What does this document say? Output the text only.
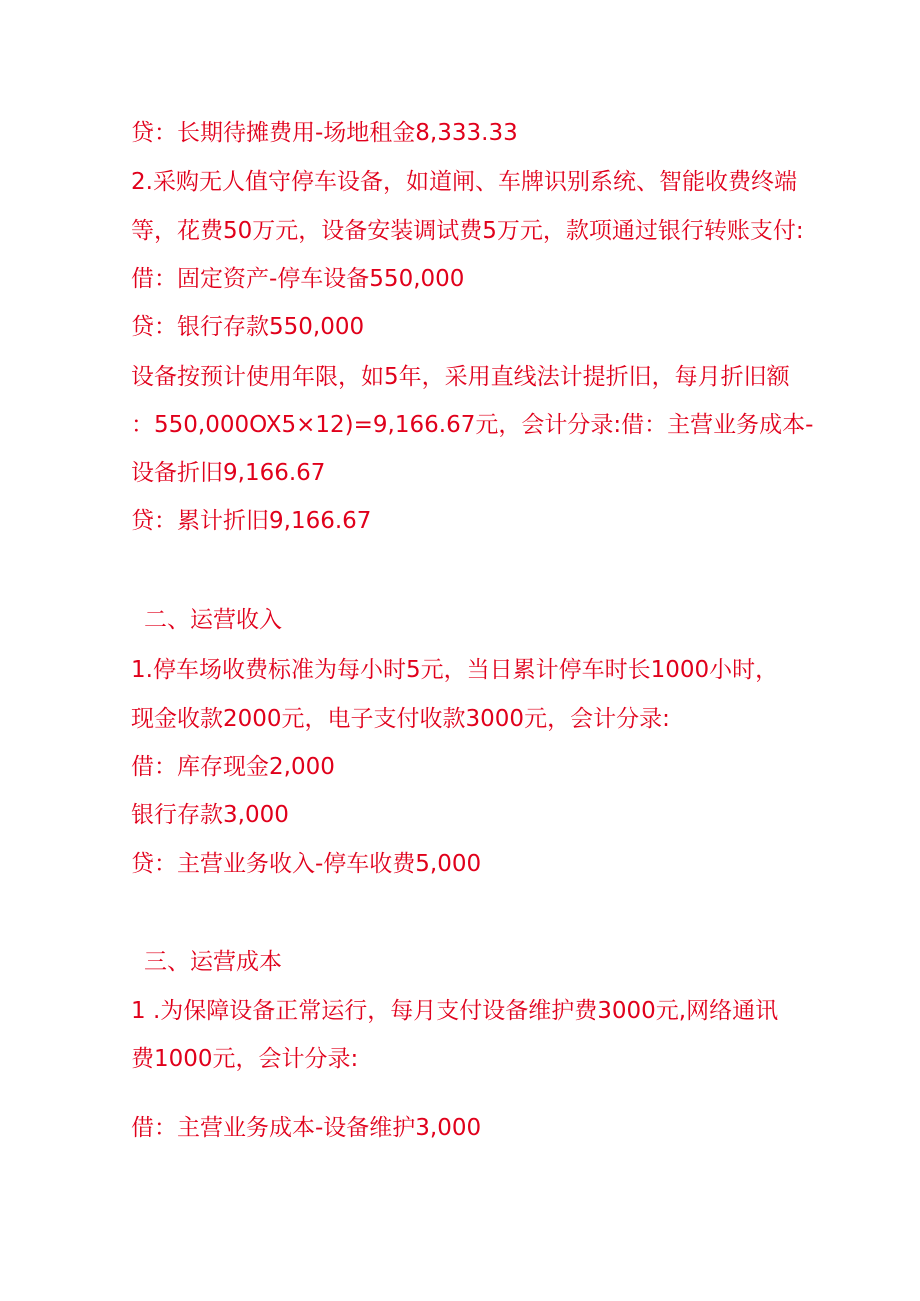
贷：长期待摊费用-场地租金8,333.33

2.采购无人值守停车设备，如道闸、车牌识别系统、智能收费终端

等，花费50万元，设备安装调试费5万元，款项通过银行转账支付:

借：固定资产-停车设备550,000

贷：银行存款550,000

设备按预计使用年限，如5年，采用直线法计提折旧，每月折旧额

：550,000OX5×12)=9,166.67元，会计分录:借：主营业务成本-

设备折旧9,166.67

贷：累计折旧9,166.67

二、运营收入

1.停车场收费标准为每小时5元，当日累计停车时长1000小时，

现金收款2000元，电子支付收款3000元，会计分录:

借：库存现金2,000

银行存款3,000

贷：主营业务收入-停车收费5,000

三、运营成本

1 .为保障设备正常运行，每月支付设备维护费3000元,网络通讯

费1000元，会计分录:

借：主营业务成本-设备维护3,000
